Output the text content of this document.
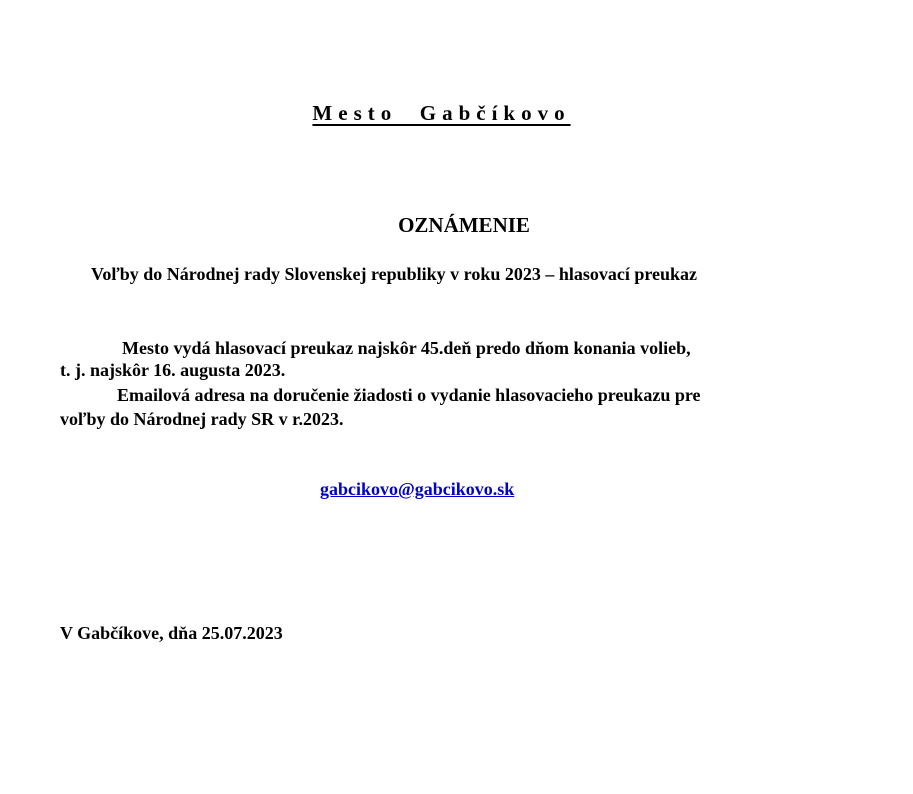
Mesto  Gabčíkovo

OZNÁMENIE

Voľby do Národnej rady Slovenskej republiky v roku 2023 – hlasovací preukaz

Mesto vydá hlasovací preukaz najskôr 45.deň predo dňom konania volieb,

t. j. najskôr 16. augusta 2023.

Emailová adresa na doručenie žiadosti o vydanie hlasovacieho preukazu pre

voľby do Národnej rady SR v r.2023.

gabcikovo@gabcikovo.sk

V Gabčíkove, dňa 25.07.2023
